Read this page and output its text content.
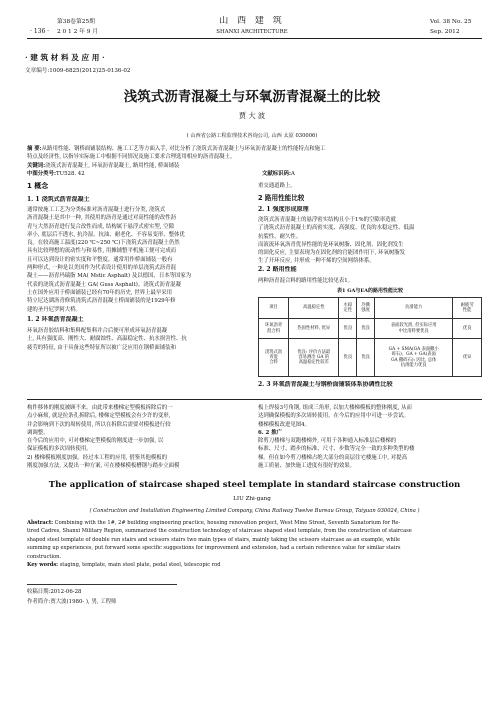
第38卷第25期
· 136 · 2 0 1 2 年 9 月
山 西 建 筑
SHANXI ARCHITECTURE
Vol. 38 No. 25
Sep. 2012
· 建 筑 材 料 及 应 用 ·
文章编号:1009-6825(2012)25-0136-02
浅筑式沥青混凝土与环氧沥青混凝土的比较
贾 大 波
( 山西省公路工程监理技术咨询公司, 山西 太原 030006)
摘 要:从路用性能、钢桥面铺装结构、施工工艺等方面入手, 对比分析了浇筑式沥青混凝土与环氧沥青混凝土的性能特点和施工
特点及经济性, 以指导实际施工中根据不同情况及施工要求合理选用相应的沥青混凝土。
关键词:浇筑式沥青混凝土, 环氧沥青混凝土, 路用性能, 桥面铺装
中图分类号:TU528. 42	文献标识码:A
1 概念
1. 1 浇筑式沥青混凝土
通常按施工工艺为分类标准对沥青混凝土进行分类, 浇筑式
沥青混凝土是其中一种, 其使用的沥青是通过对高性能的改性沥
青与大然沥青进行复合改性而成, 结构属于悬浮式密实型, 空隙
率小, 底层后不透水, 抗冷湿、抗油、耐老化、不容易变形、整体优
良。在较高施工温度(220 ℃~250 ℃)下浇筑式沥青混凝土仍然
具有比较理想的流动性与和易性, 用摊铺整平机施工便可完成而
且可以达到设计的密实度和平整度。通常用作桥面铺装一般有
两种形式, 一种是以美国作为代表设计使用的单层浇筑式沥青混
凝土——沥青玛瑞脂 MA( Mstic Asphalt) 及以德国、日本等国家为
代表的浇筑式沥青混凝土 GA( Guss Asphalt)。浇筑式沥青混凝
土在国外应用于桥面铺装已经有70年的历史, 世界上最早采用
特立尼达湖沥青修筑浇筑式沥青混凝土桥面铺装的是1929年修
建的圣丹尼罗阿大桥。
1. 2 环氧沥青混凝土
环氧沥青胶结料和集料配集料并合后便可形成环氧沥青混凝
土, 具有强度高、刚性大、耐腐蚀性、高温稳定性、抗水损害性、抗
疲劳的特征, 由于具备这些特征所以被广泛应用在钢桥面铺装和
重交通道路上。
2 路用性能比较
2. 1 强度形成原理
浇筑式沥青混凝土的悬浮密实结构且小于1%的空隙率造就
了浇筑式沥青混凝土的高密实度、高强度、优良的水稳定性、低温
抗裂性、耐久性。
而液流环氧沥青优异性能的是环氧树脂、固化剂、固化剂发生
的固化反应, 主要表现为在固化剂的官能团作用下, 环氧树脂发
生了开环反应, 并形成一种不烯的空间网络体系。
2. 2 路用性能
两种沥青混合料的路用性能比较见表1。
表1 GA与EA的路用性能比较
项目	高温稳定性	水稳
定性	冷撕
强度	抗滑能力	耐疲劳
性能
环氧沥青
混合料	热固性材料, 优异	优良	优良	表面较光滑, 但实际应用
中比清料要优良	优良
浇筑式沥
青混
合料	优良: 评价方法最
容易测出 GA 的
高温稳定性较差	优良	优良	GA + SMA(GA 表面撒小
碎石)、GA + GA(表面
GA 撒碎石): 因比, 总体
抗滑能力优良	优异
2. 3 环氧沥青混凝土与钢桥面铺装体系协调性比较
构件移体的刚度被顾不来。由此带来楼梯定型模板拆除后的一
点小麻烦, 就是拉条孔拆除后, 楼梯定型模板会有少许的变形,
并会影响到下次的周转使用, 所以在拆除后需要对模板进行较
调调整。
在今后的应用中, 可对楼梯定型模板的刚度进一步加强, 以
保证模板的多次周转使用。
2) 楼梯模板刚度加强。经过本工程的应用, 借鉴其他模板的
刚度加强方法, 又提出一种方案, 可在楼梯模板槽钢与踏步立面模
板上焊接3号角钢, 组成三角形, 以加大楼梯模板的整体刚度, 从而
达到确保模板的多次周转使用。在今后的应用中可进一步尝试。
楼梯模板改进见图4。
6. 2 推广
除剪刀楼梯与双跑楼梯外, 可用于各种通入标准层后楼梯的
标准、尺寸、踏步的标准、尺寸、步数等完全一致的多种类型的楼
梯。但在如今剪刀楼梯占绝大部分的高层住宅楼施工中, 对提高
施工质量、加快施工进度有很好的效果。
The application of staircase shaped steel template in standard staircase construction
LIU Zhi-gang
( Construction and Installation Engineering Limited Company, China Railway Twelve Bureau Group, Taiyuan 030024, China )
Abstract: Combining with the 1#, 2# building engineering practice, housing renovation project, West Mine Street, Seventh Sanatorium for Re-
tired Cadres, Shanxi Military Region, summarized the construction technology of staircase shaped steel template, from the construction of staircase
shaped steel template of double run stairs and scissors stairs two main types of stairs, mainly taking the scissors staircase as an example, while
summing up experiences, put forward some specific suggestions for improvement and extension, had a certain reference value for similar stairs
construction.
Key words: staging, template, main steel plate, pedal steel, telescopic rod
收稿日期:2012-06-28
作者简介:贾大波(1980- ), 男, 工程师
